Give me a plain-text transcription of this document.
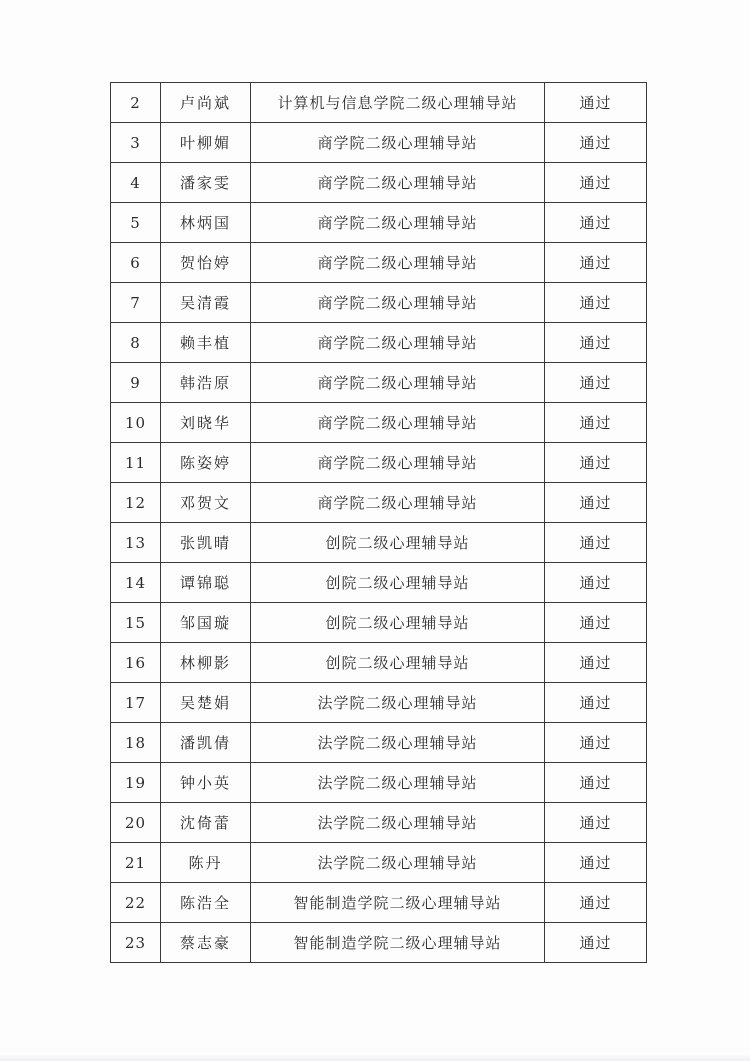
2	卢尚斌	计算机与信息学院二级心理辅导站	通过
3	叶柳媚	商学院二级心理辅导站	通过
4	潘家雯	商学院二级心理辅导站	通过
5	林炳国	商学院二级心理辅导站	通过
6	贺怡婷	商学院二级心理辅导站	通过
7	吴清霞	商学院二级心理辅导站	通过
8	赖丰植	商学院二级心理辅导站	通过
9	韩浩原	商学院二级心理辅导站	通过
10	刘晓华	商学院二级心理辅导站	通过
11	陈姿婷	商学院二级心理辅导站	通过
12	邓贺文	商学院二级心理辅导站	通过
13	张凯晴	创院二级心理辅导站	通过
14	谭锦聪	创院二级心理辅导站	通过
15	邹国璇	创院二级心理辅导站	通过
16	林柳影	创院二级心理辅导站	通过
17	吴楚娟	法学院二级心理辅导站	通过
18	潘凯倩	法学院二级心理辅导站	通过
19	钟小英	法学院二级心理辅导站	通过
20	沈倚蕾	法学院二级心理辅导站	通过
21	陈丹	法学院二级心理辅导站	通过
22	陈浩全	智能制造学院二级心理辅导站	通过
23	蔡志豪	智能制造学院二级心理辅导站	通过
